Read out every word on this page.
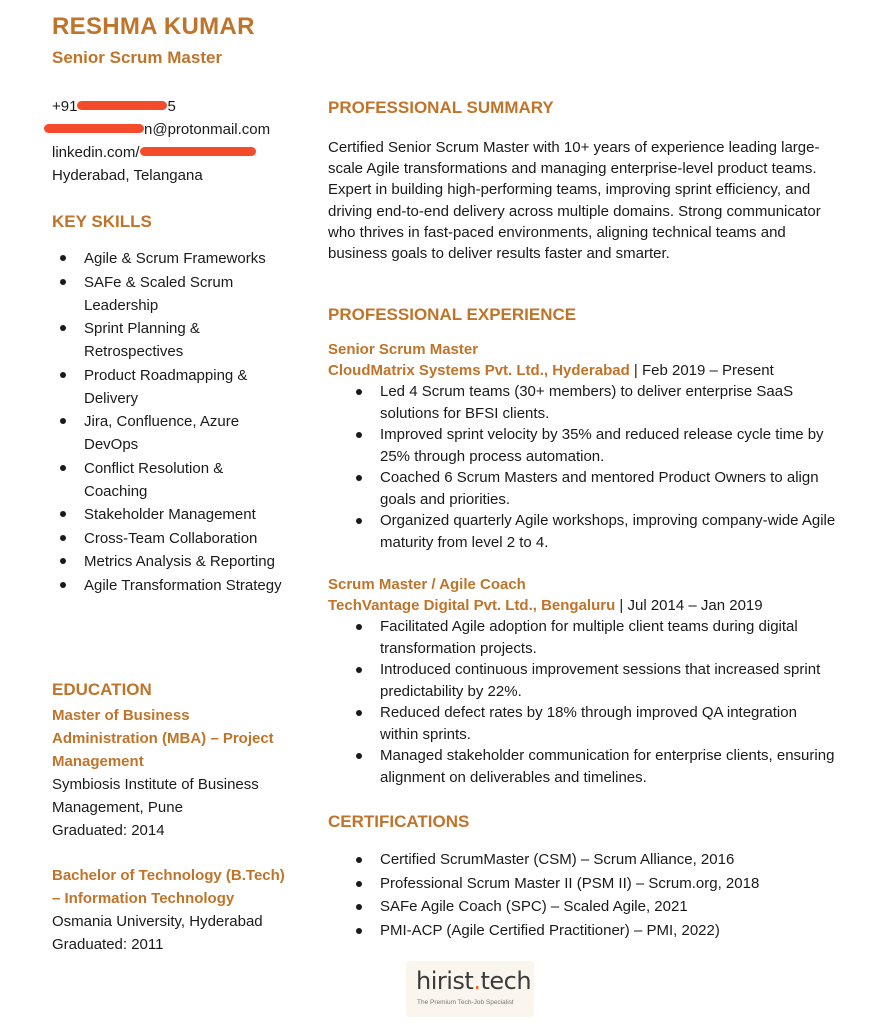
RESHMA KUMAR
Senior Scrum Master
+91	5
n@protonmail.com
linkedin.com/
Hyderabad, Telangana
KEY SKILLS
Agile & Scrum Frameworks
SAFe & Scaled Scrum Leadership
Sprint Planning & Retrospectives
Product Roadmapping & Delivery
Jira, Confluence, Azure DevOps
Conflict Resolution & Coaching
Stakeholder Management
Cross-Team Collaboration
Metrics Analysis & Reporting
Agile Transformation Strategy
EDUCATION
Master of Business Administration (MBA) – Project Management
Symbiosis Institute of Business Management, Pune
Graduated: 2014
Bachelor of Technology (B.Tech) – Information Technology
Osmania University, Hyderabad
Graduated: 2011
PROFESSIONAL SUMMARY
Certified Senior Scrum Master with 10+ years of experience leading large-scale Agile transformations and managing enterprise-level product teams. Expert in building high-performing teams, improving sprint efficiency, and driving end-to-end delivery across multiple domains. Strong communicator who thrives in fast-paced environments, aligning technical teams and business goals to deliver results faster and smarter.
PROFESSIONAL EXPERIENCE
Senior Scrum Master
CloudMatrix Systems Pvt. Ltd., Hyderabad | Feb 2019 – Present
Led 4 Scrum teams (30+ members) to deliver enterprise SaaS solutions for BFSI clients.
Improved sprint velocity by 35% and reduced release cycle time by 25% through process automation.
Coached 6 Scrum Masters and mentored Product Owners to align goals and priorities.
Organized quarterly Agile workshops, improving company-wide Agile maturity from level 2 to 4.
Scrum Master / Agile Coach
TechVantage Digital Pvt. Ltd., Bengaluru | Jul 2014 – Jan 2019
Facilitated Agile adoption for multiple client teams during digital transformation projects.
Introduced continuous improvement sessions that increased sprint predictability by 22%.
Reduced defect rates by 18% through improved QA integration within sprints.
Managed stakeholder communication for enterprise clients, ensuring alignment on deliverables and timelines.
CERTIFICATIONS
Certified ScrumMaster (CSM) – Scrum Alliance, 2016
Professional Scrum Master II (PSM II) – Scrum.org, 2018
SAFe Agile Coach (SPC) – Scaled Agile, 2021
PMI-ACP (Agile Certified Practitioner) – PMI, 2022)
hirist.tech
The Premium Tech-Job Specialist
